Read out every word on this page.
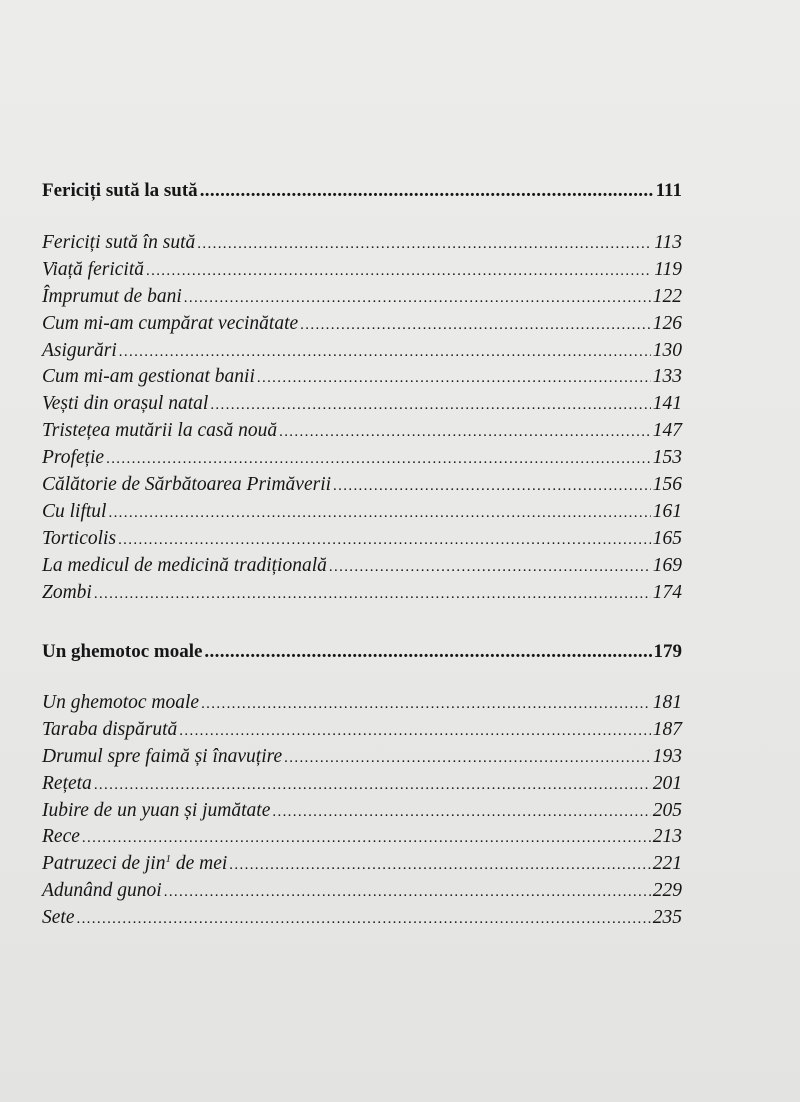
Fericiți sută la sută . . .	111
Fericiți sută în sută . . .	113
Viață fericită . . .	119
Împrumut de bani . . .	122
Cum mi-am cumpărat vecinătate . . .	126
Asigurări . . .	130
Cum mi-am gestionat banii . . .	133
Vești din orașul natal . . .	141
Tristețea mutării la casă nouă . . .	147
Profeție . . .	153
Călătorie de Sărbătoarea Primăverii . . .	156
Cu liftul . . .	161
Torticolis . . .	165
La medicul de medicină tradițională . . .	169
Zombi . . .	174
Un ghemotoc moale . . .	179
Un ghemotoc moale . . .	181
Taraba dispărută . . .	187
Drumul spre faimă și înavuțire . . .	193
Rețeta . . .	201
Iubire de un yuan și jumătate . . .	205
Rece . . .	213
Patruzeci de jin$^1$ de mei . . .	221
Adunând gunoi . . .	229
Sete . . .	235
